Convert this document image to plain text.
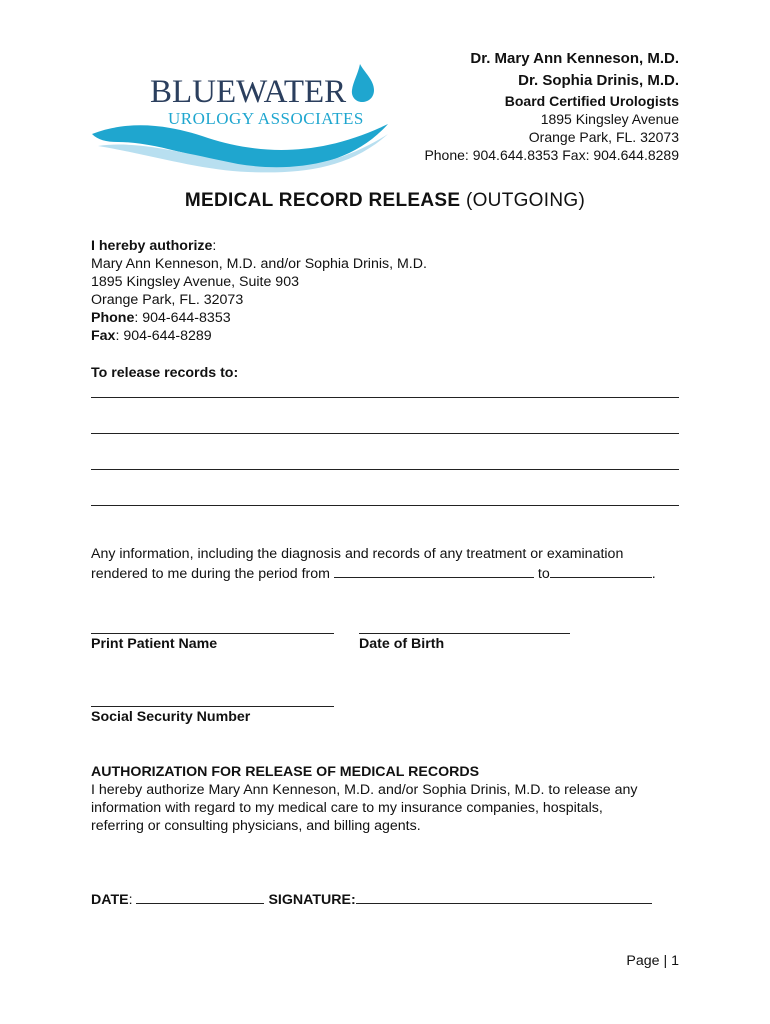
BLUEWATER
UROLOGY ASSOCIATES
Dr. Mary Ann Kenneson, M.D.
Dr. Sophia Drinis, M.D.
Board Certified Urologists
1895 Kingsley Avenue
Orange Park, FL. 32073
Phone: 904.644.8353 Fax: 904.644.8289
MEDICAL RECORD RELEASE (OUTGOING)
I hereby authorize:
Mary Ann Kenneson, M.D. and/or Sophia Drinis, M.D.
1895 Kingsley Avenue, Suite 903
Orange Park, FL. 32073
Phone: 904-644-8353
Fax: 904-644-8289
To release records to:
Any information, including the diagnosis and records of any treatment or examination
rendered to me during the period from	to	.
Print Patient Name	Date of Birth
Social Security Number
AUTHORIZATION FOR RELEASE OF MEDICAL RECORDS
I hereby authorize Mary Ann Kenneson, M.D. and/or Sophia Drinis, M.D. to release any
information with regard to my medical care to my insurance companies, hospitals,
referring or consulting physicians, and billing agents.
DATE:	SIGNATURE:
Page | 1
